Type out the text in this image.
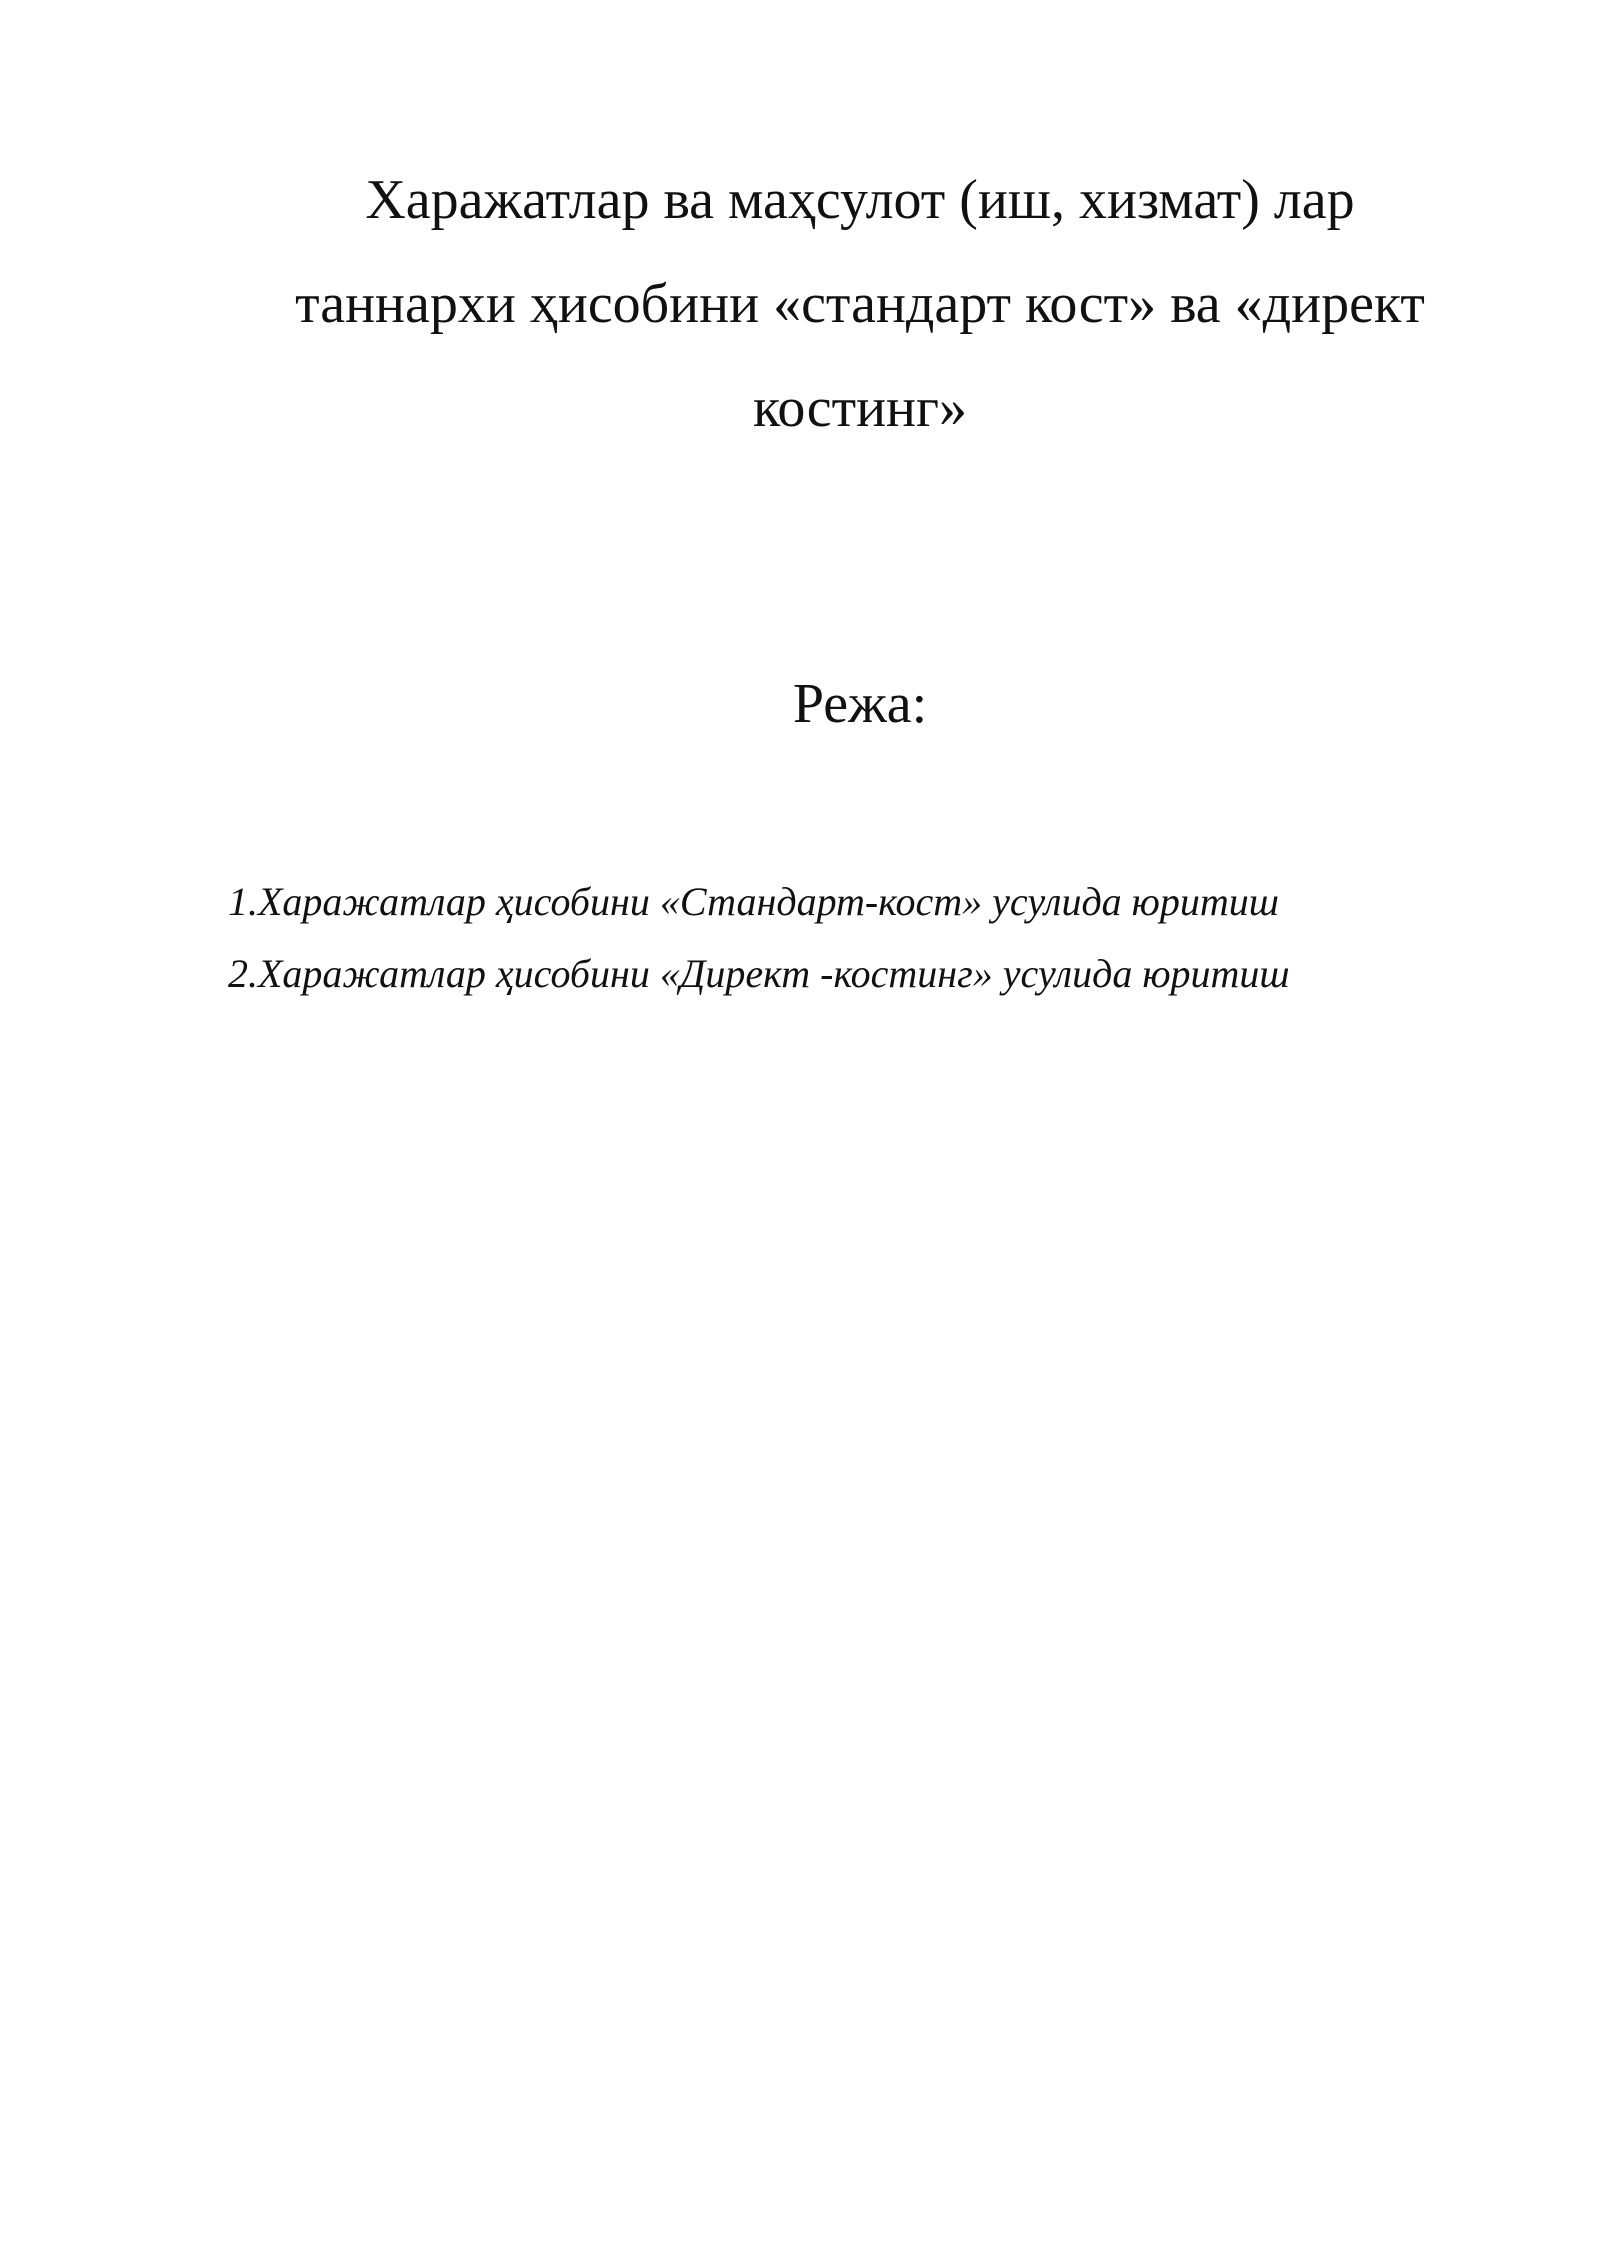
Харажатлар ва маҳсулот (иш, хизмат) лар
таннархи ҳисобини «стандарт кост» ва «директ
костинг»
Режа:
1.Харажатлар ҳисобини «Стандарт-кост» усулида юритиш
2.Харажатлар ҳисобини «Директ -костинг» усулида юритиш
